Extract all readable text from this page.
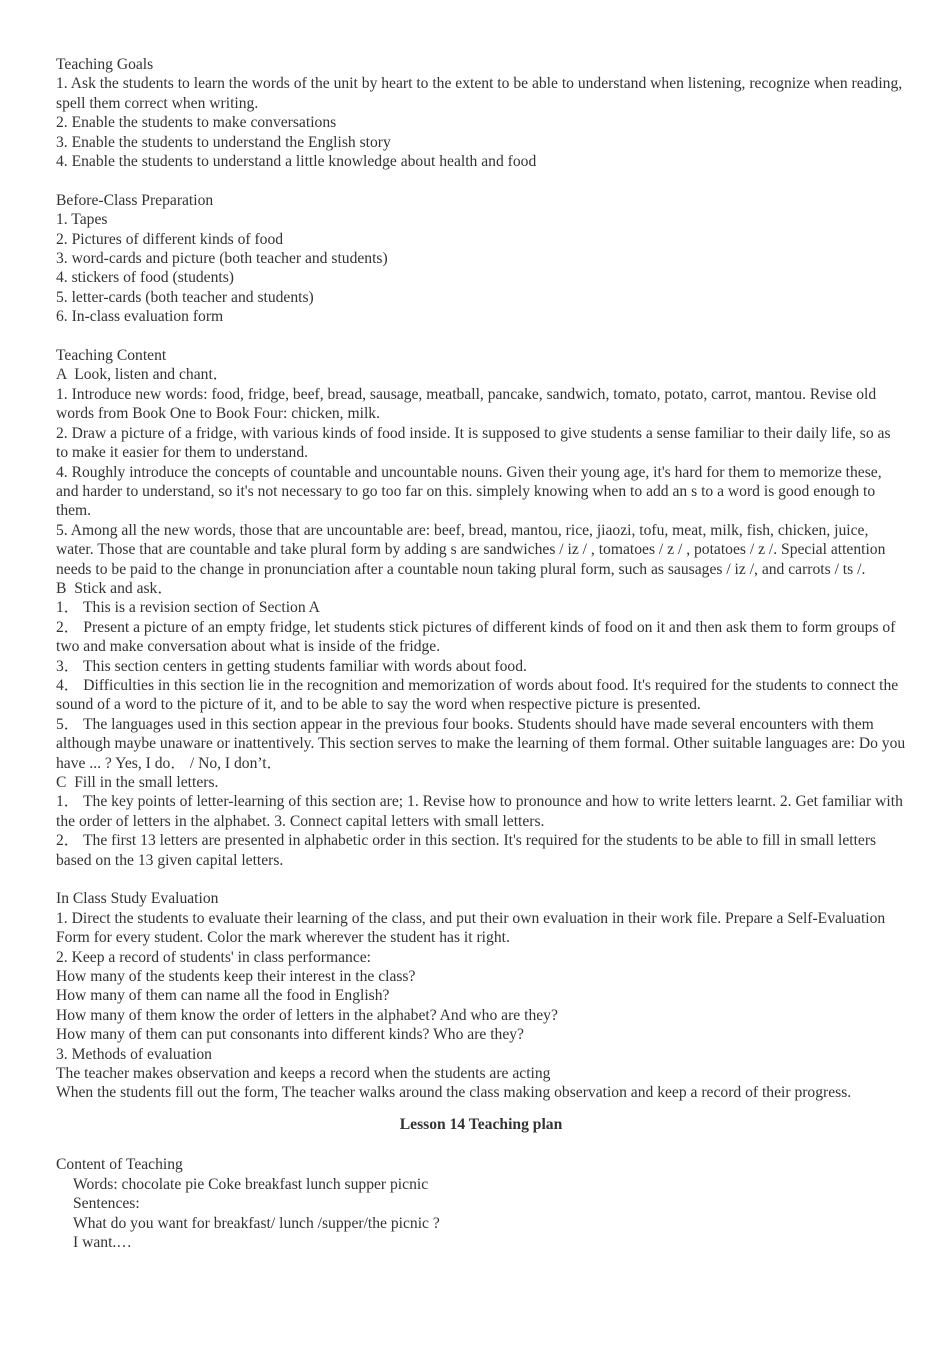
Teaching Goals

1. Ask the students to learn the words of the unit by heart to the extent to be able to understand when listening, recognize when reading, spell them correct when writing.

2. Enable the students to make conversations

3. Enable the students to understand the English story

4. Enable the students to understand a little knowledge about health and food

Before-Class Preparation

1. Tapes

2. Pictures of different kinds of food

3. word-cards and picture (both teacher and students)

4. stickers of food (students)

5. letter-cards (both teacher and students)

6. In-class evaluation form

Teaching Content

A  Look, listen and chant．

1. Introduce new words: food, fridge, beef, bread, sausage, meatball, pancake, sandwich, tomato, potato, carrot, mantou. Revise old words from Book One to Book Four: chicken, milk.

2. Draw a picture of a fridge, with various kinds of food inside. It is supposed to give students a sense familiar to their daily life, so as to make it easier for them to understand.

4. Roughly introduce the concepts of countable and uncountable nouns. Given their young age, it's hard for them to memorize these, and harder to understand, so it's not necessary to go too far on this. simplely knowing when to add an s to a word is good enough to them.

5. Among all the new words, those that are uncountable are: beef, bread, mantou, rice, jiaozi, tofu, meat, milk, fish, chicken, juice, water. Those that are countable and take plural form by adding s are sandwiches / iz / , tomatoes / z / , potatoes / z /. Special attention needs to be paid to the change in pronunciation after a countable noun taking plural form, such as sausages / iz /, and carrots / ts /.

B  Stick and ask．

1． This is a revision section of Section A

2． Present a picture of an empty fridge, let students stick pictures of different kinds of food on it and then ask them to form groups of two and make conversation about what is inside of the fridge.

3． This section centers in getting students familiar with words about food.

4． Difficulties in this section lie in the recognition and memorization of words about food. It's required for the students to connect the sound of a word to the picture of it, and to be able to say the word when respective picture is presented.

5． The languages used in this section appear in the previous four books. Students should have made several encounters with them although maybe unaware or inattentively. This section serves to make the learning of them formal. Other suitable languages are: Do you have ... ? Yes, I do． / No, I don’t．

C  Fill in the small letters.

1． The key points of letter-learning of this section are; 1. Revise how to pronounce and how to write letters learnt. 2. Get familiar with the order of letters in the alphabet. 3. Connect capital letters with small letters.

2． The first 13 letters are presented in alphabetic order in this section. It's required for the students to be able to fill in small letters based on the 13 given capital letters.

In Class Study Evaluation

1. Direct the students to evaluate their learning of the class, and put their own evaluation in their work file. Prepare a Self-Evaluation Form for every student. Color the mark wherever the student has it right.

2. Keep a record of students' in class performance:

How many of the students keep their interest in the class?

How many of them can name all the food in English?

How many of them know the order of letters in the alphabet? And who are they?

How many of them can put consonants into different kinds? Who are they?

3. Methods of evaluation

The teacher makes observation and keeps a record when the students are acting

When the students fill out the form, The teacher walks around the class making observation and keep a record of their progress.

Lesson 14 Teaching plan

Content of Teaching

Words: chocolate pie Coke breakfast lunch supper picnic

Sentences:

What do you want for breakfast/ lunch /supper/the picnic ?

I want.…
